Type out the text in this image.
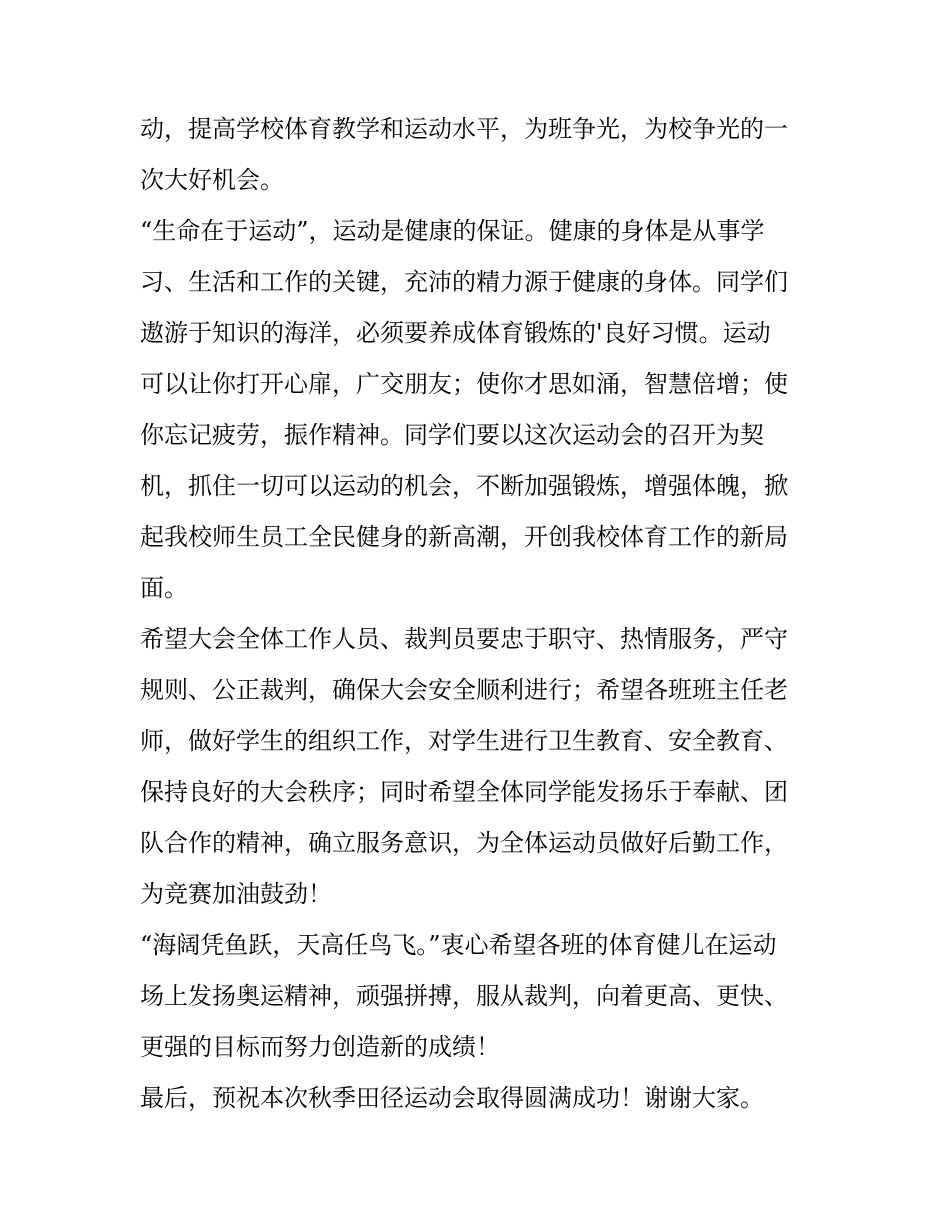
动，提高学校体育教学和运动水平，为班争光，为校争光的一
次大好机会。
“生命在于运动”，运动是健康的保证。健康的身体是从事学
习、生活和工作的关键，充沛的精力源于健康的身体。同学们
遨游于知识的海洋，必须要养成体育锻炼的'良好习惯。运动
可以让你打开心扉，广交朋友；使你才思如涌，智慧倍增；使
你忘记疲劳，振作精神。同学们要以这次运动会的召开为契
机，抓住一切可以运动的机会，不断加强锻炼，增强体魄，掀
起我校师生员工全民健身的新高潮，开创我校体育工作的新局
面。
希望大会全体工作人员、裁判员要忠于职守、热情服务，严守
规则、公正裁判，确保大会安全顺利进行；希望各班班主任老
师，做好学生的组织工作，对学生进行卫生教育、安全教育、
保持良好的大会秩序；同时希望全体同学能发扬乐于奉献、团
队合作的精神，确立服务意识，为全体运动员做好后勤工作，
为竞赛加油鼓劲！
“海阔凭鱼跃，天高任鸟飞。”衷心希望各班的体育健儿在运动
场上发扬奥运精神，顽强拼搏，服从裁判，向着更高、更快、
更强的目标而努力创造新的成绩！
最后，预祝本次秋季田径运动会取得圆满成功！谢谢大家。
